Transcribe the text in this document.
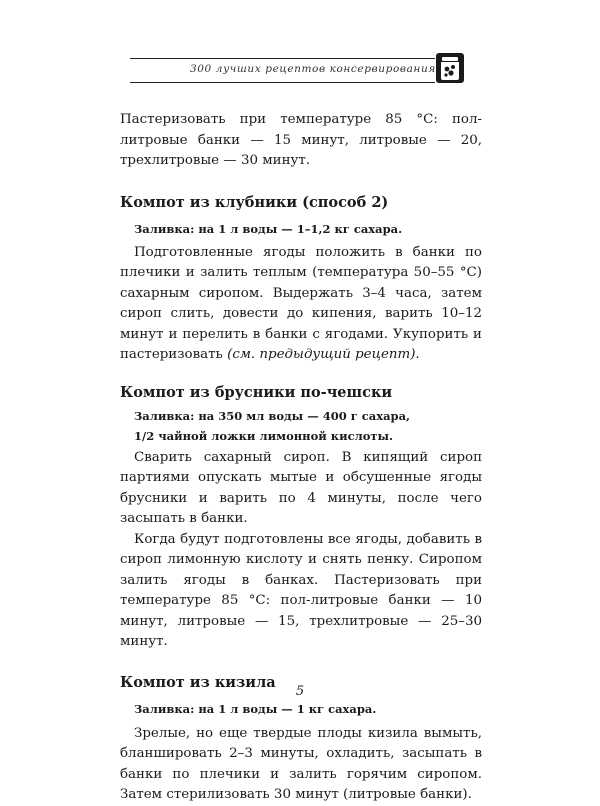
300 лучших рецептов консервирования

Пастеризовать при температуре 85 °С: пол-литровые банки — 15 минут, литровые — 20, трехлитровые — 30 минут.

Компот из клубники (способ 2)

Заливка: на 1 л воды — 1–1,2 кг сахара.

Подготовленные ягоды положить в банки по плечики и залить теплым (температура 50–55 °С) сахарным сиропом. Выдержать 3–4 часа, затем сироп слить, довести до кипения, варить 10–12 минут и перелить в банки с ягодами. Укупорить и пастеризовать (см. предыдущий рецепт).

Компот из брусники по-чешски

Заливка: на 350 мл воды — 400 г сахара,

1/2 чайной ложки лимонной кислоты.

Сварить сахарный сироп. В кипящий сироп партиями опускать мытые и обсушенные ягоды брусники и варить по 4 минуты, после чего засыпать в банки.

Когда будут подготовлены все ягоды, добавить в сироп лимонную кислоту и снять пенку. Сиропом залить ягоды в банках. Пастеризовать при температуре 85 °С: пол-литровые банки — 10 минут, литровые — 15, трехлитровые — 25–30 минут.

Компот из кизила

Заливка: на 1 л воды — 1 кг сахара.

Зрелые, но еще твердые плоды кизила вымыть, бланшировать 2–3 минуты, охладить, засыпать в банки по плечики и залить горячим сиропом. Затем стерилизовать 30 минут (литровые банки).

5
